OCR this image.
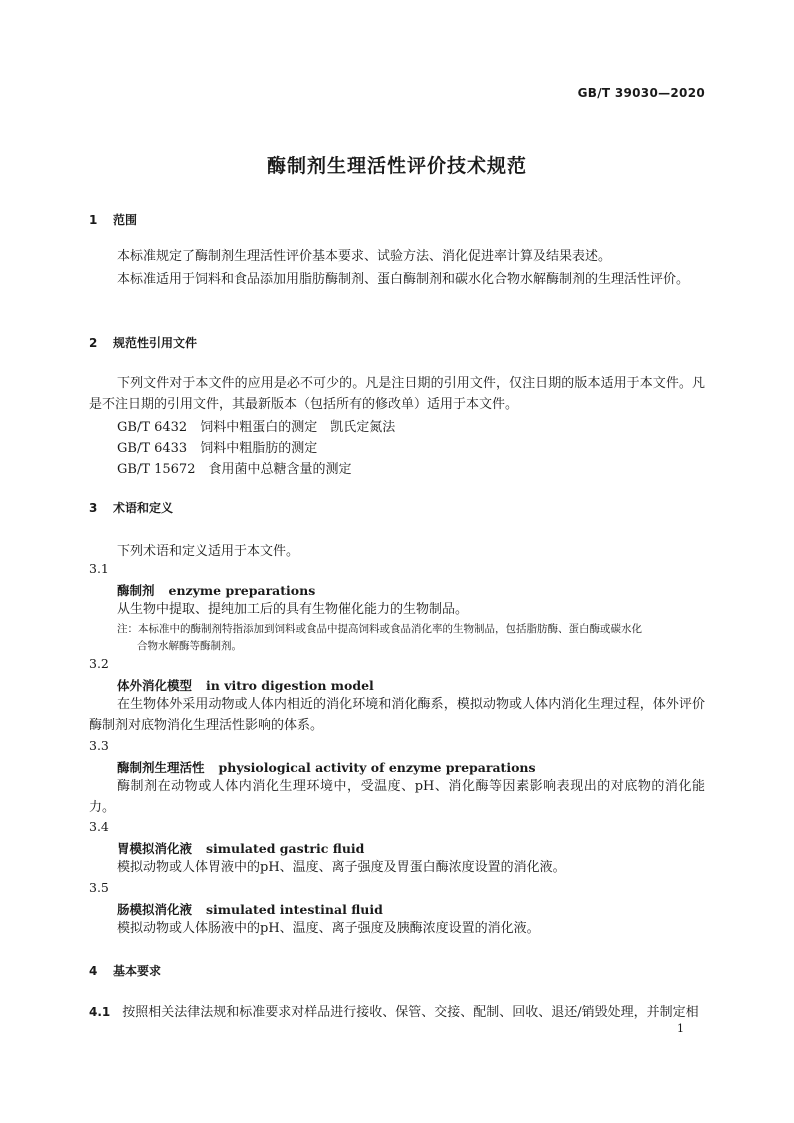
GB/T 39030—2020
酶制剂生理活性评价技术规范
1 范围
本标准规定了酶制剂生理活性评价基本要求、试验方法、消化促进率计算及结果表述。
本标准适用于饲料和食品添加用脂肪酶制剂、蛋白酶制剂和碳水化合物水解酶制剂的生理活性评价。
2 规范性引用文件
下列文件对于本文件的应用是必不可少的。凡是注日期的引用文件，仅注日期的版本适用于本文件。凡是不注日期的引用文件，其最新版本（包括所有的修改单）适用于本文件。
GB/T 6432　饲料中粗蛋白的测定　凯氏定氮法
GB/T 6433　饲料中粗脂肪的测定
GB/T 15672　食用菌中总糖含量的测定
3 术语和定义
下列术语和定义适用于本文件。
3.1
酶制剂 enzyme preparations
从生物中提取、提纯加工后的具有生物催化能力的生物制品。
注：本标准中的酶制剂特指添加到饲料或食品中提高饲料或食品消化率的生物制品，包括脂肪酶、蛋白酶或碳水化
合物水解酶等酶制剂。
3.2
体外消化模型 in vitro digestion model
在生物体外采用动物或人体内相近的消化环境和消化酶系，模拟动物或人体内消化生理过程，体外评价酶制剂对底物消化生理活性影响的体系。
3.3
酶制剂生理活性 physiological activity of enzyme preparations
酶制剂在动物或人体内消化生理环境中，受温度、pH、消化酶等因素影响表现出的对底物的消化能力。
3.4
胃模拟消化液 simulated gastric fluid
模拟动物或人体胃液中的pH、温度、离子强度及胃蛋白酶浓度设置的消化液。
3.5
肠模拟消化液 simulated intestinal fluid
模拟动物或人体肠液中的pH、温度、离子强度及胰酶浓度设置的消化液。
4 基本要求
4.1 按照相关法律法规和标准要求对样品进行接收、保管、交接、配制、回收、退还/销毁处理，并制定相
1
